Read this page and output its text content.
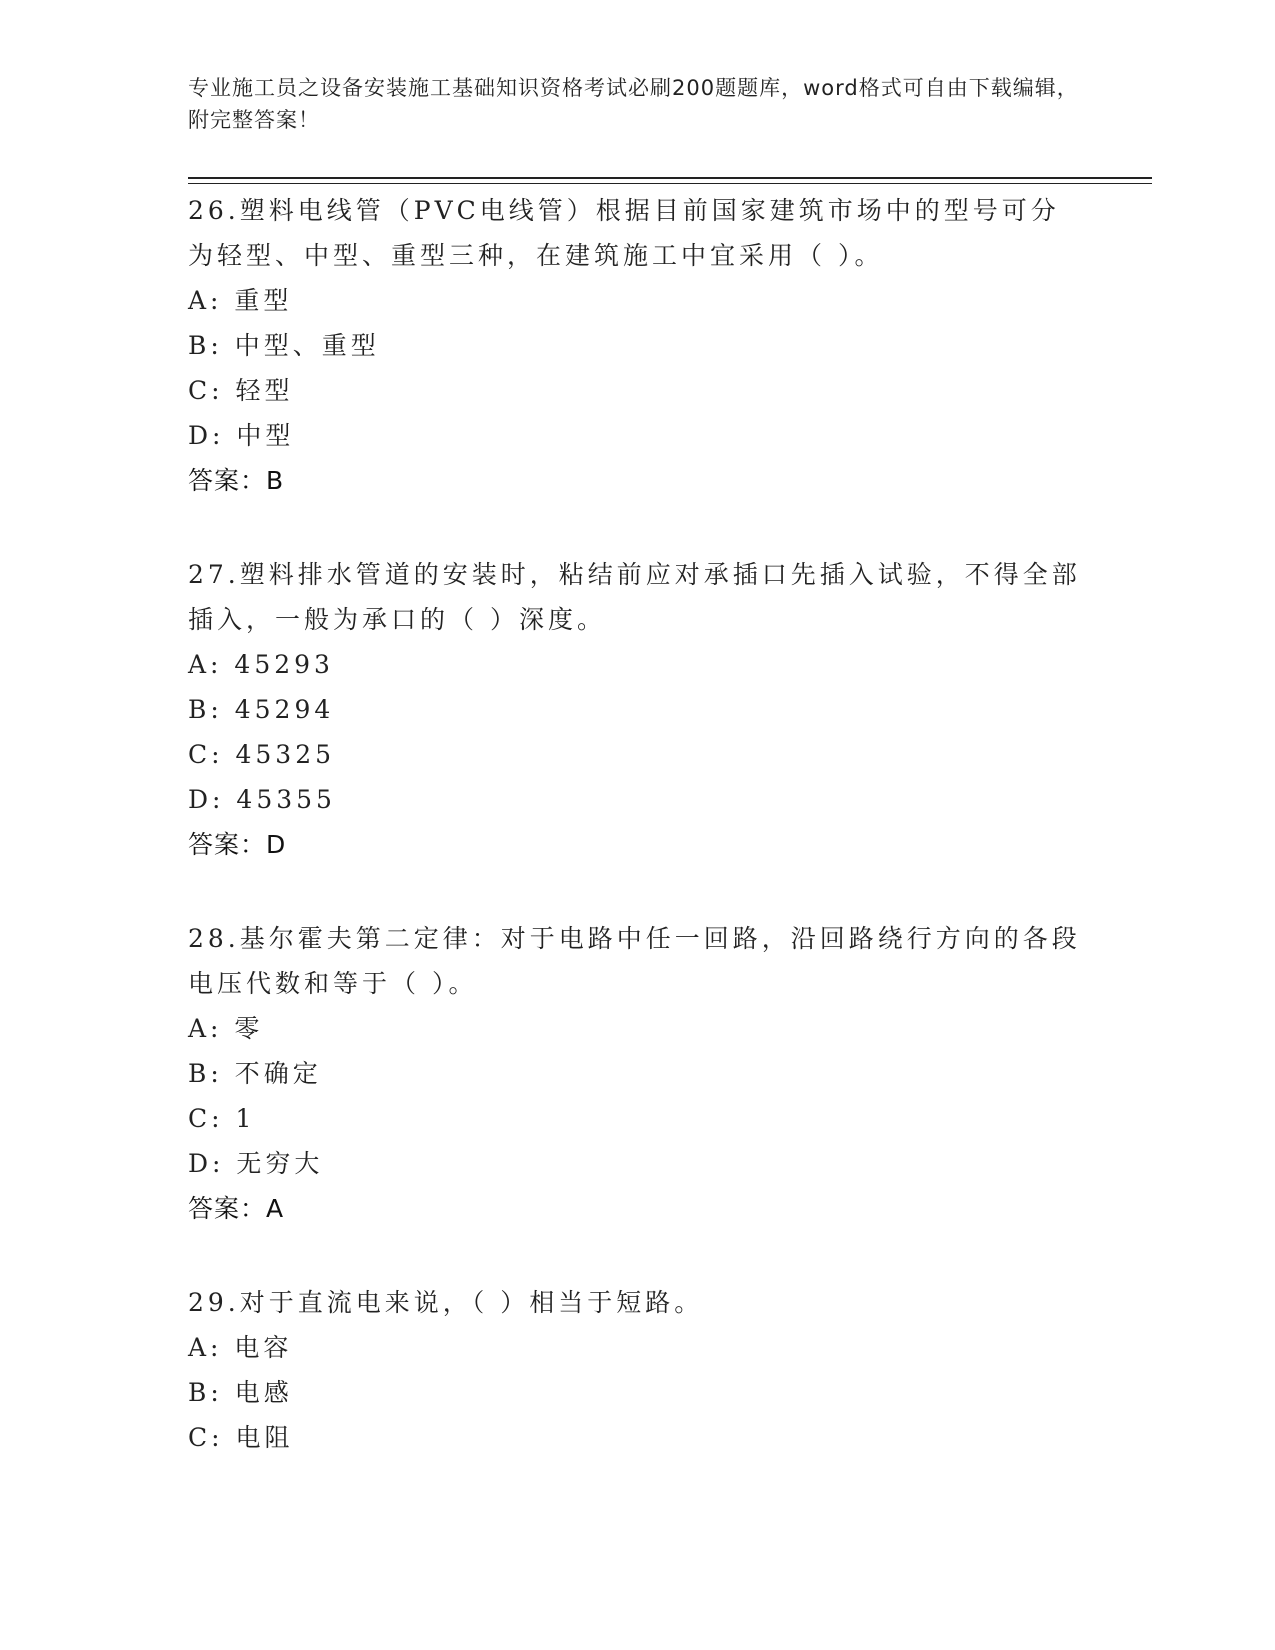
专业施工员之设备安装施工基础知识资格考试必刷200题题库，word格式可自由下载编辑，附完整答案！
26.塑料电线管（PVC电线管）根据目前国家建筑市场中的型号可分为轻型、中型、重型三种，在建筑施工中宜采用（ ）。
A: 重型
B: 中型、重型
C: 轻型
D: 中型
答案：B
27.塑料排水管道的安装时，粘结前应对承插口先插入试验，不得全部插入，一般为承口的（ ）深度。
A: 45293
B: 45294
C: 45325
D: 45355
答案：D
28.基尔霍夫第二定律：对于电路中任一回路，沿回路绕行方向的各段电压代数和等于（ ）。
A: 零
B: 不确定
C: 1
D: 无穷大
答案：A
29.对于直流电来说，（ ）相当于短路。
A: 电容
B: 电感
C: 电阻
